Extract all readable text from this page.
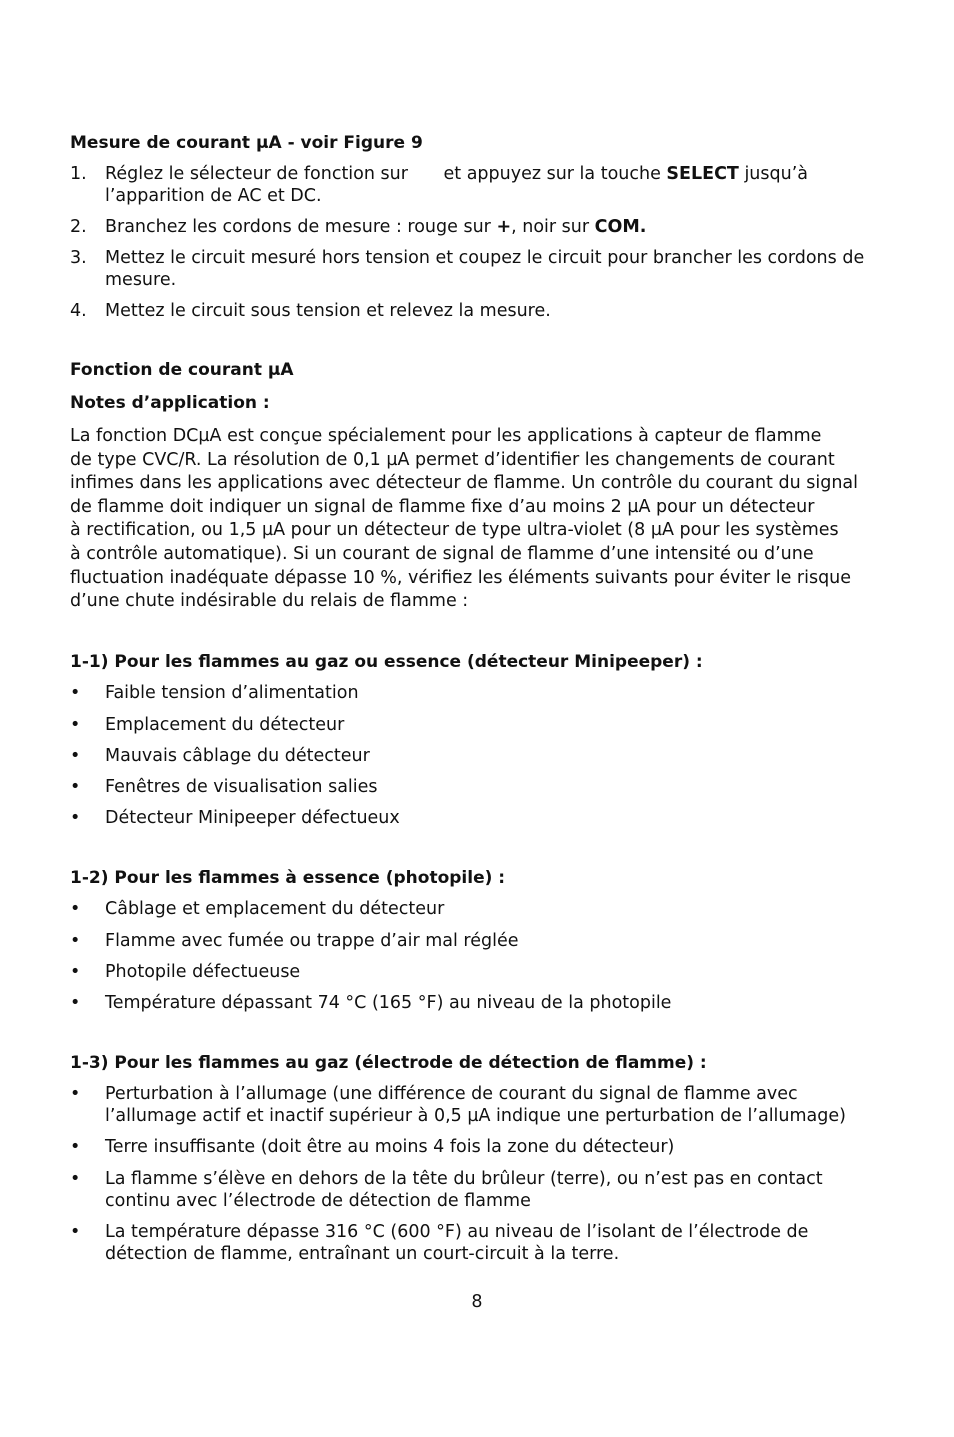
Mesure de courant µA - voir Figure 9
1. Réglez le sélecteur de fonction sur et appuyez sur la touche SELECT jusqu’à
l’apparition de AC et DC.
2. Branchez les cordons de mesure : rouge sur +, noir sur COM.
3. Mettez le circuit mesuré hors tension et coupez le circuit pour brancher les cordons de mesure.
4. Mettez le circuit sous tension et relevez la mesure.
Fonction de courant µA
Notes d’application :

La fonction DCµA est conçue spécialement pour les applications à capteur de flamme

de type CVC/R. La résolution de 0,1 µA permet d’identifier les changements de courant

infimes dans les applications avec détecteur de flamme. Un contrôle du courant du signal

de flamme doit indiquer un signal de flamme fixe d’au moins 2 µA pour un détecteur

à rectification, ou 1,5 µA pour un détecteur de type ultra-violet (8 µA pour les systèmes

à contrôle automatique). Si un courant de signal de flamme d’une intensité ou d’une

fluctuation inadéquate dépasse 10 %, vérifiez les éléments suivants pour éviter le risque

d’une chute indésirable du relais de flamme :

1-1) Pour les flammes au gaz ou essence (détecteur Minipeeper) :
• Faible tension d’alimentation
• Emplacement du détecteur
• Mauvais câblage du détecteur
• Fenêtres de visualisation salies
• Détecteur Minipeeper défectueux
1-2) Pour les flammes à essence (photopile) :
• Câblage et emplacement du détecteur
• Flamme avec fumée ou trappe d’air mal réglée
• Photopile défectueuse
• Température dépassant 74 °C (165 °F) au niveau de la photopile
1-3) Pour les flammes au gaz (électrode de détection de flamme) :
• Perturbation à l’allumage (une différence de courant du signal de flamme avec
l’allumage actif et inactif supérieur à 0,5 µA indique une perturbation de l’allumage)
• Terre insuffisante (doit être au moins 4 fois la zone du détecteur)
• La flamme s’élève en dehors de la tête du brûleur (terre), ou n’est pas en contact
continu avec l’électrode de détection de flamme
• La température dépasse 316 °C (600 °F) au niveau de l’isolant de l’électrode de
détection de flamme, entraînant un court-circuit à la terre.
8
